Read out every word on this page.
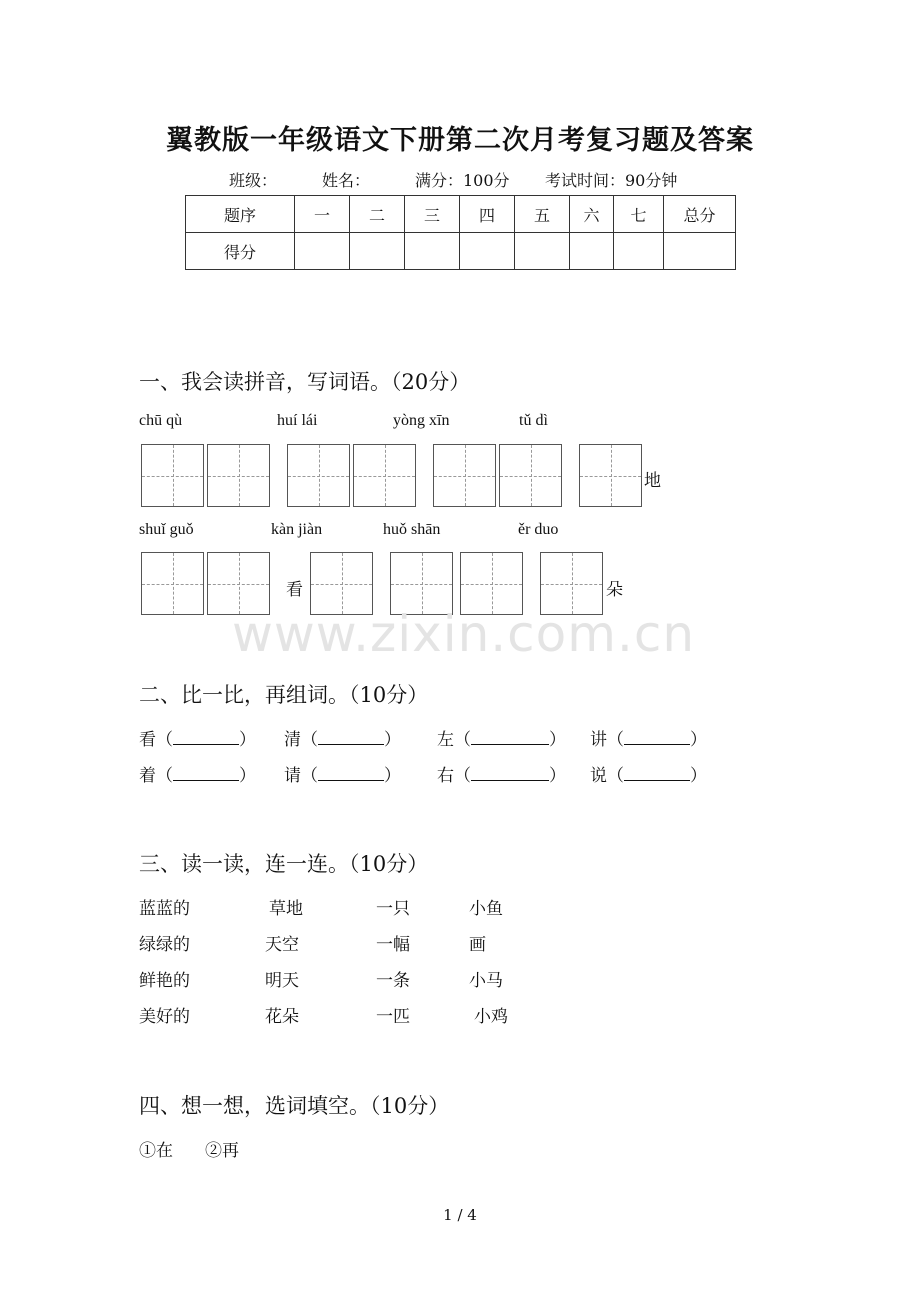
翼教版一年级语文下册第二次月考复习题及答案
班级：	姓名：	满分：100分 考试时间：90分钟
题序	一	二	三	四	五	六	七	总分
得分								
一、我会读拼音，写词语。（20分）
chū qù	huí lái	yòng xīn	tǔ dì
地
shuǐ guǒ	kàn jiàn	huǒ shān	ěr duo
看	朵
www.zixin.com.cn
二、比一比，再组词。（10分）
看（	） 清（	） 左（	） 讲（	）
着（	） 请（	） 右（	） 说（	）
三、读一读，连一连。（10分）
蓝蓝的	草地	一只	小鱼
绿绿的	天空	一幅	画
鲜艳的	明天	一条	小马
美好的	花朵	一匹	小鸡
四、想一想，选词填空。（10分）
①在 ②再
1 / 4
